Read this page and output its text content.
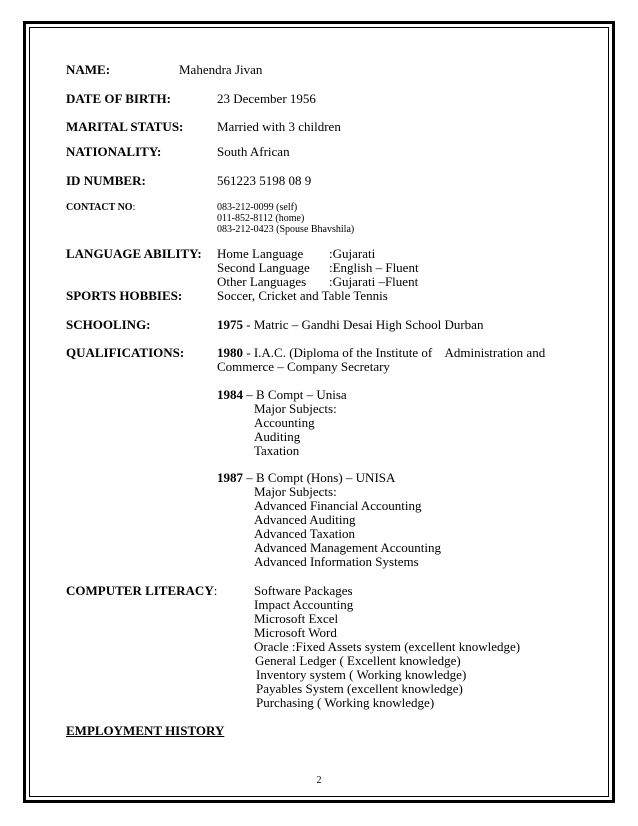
NAME:	Mahendra Jivan
DATE OF BIRTH:	23 December 1956
MARITAL STATUS:	Married with 3 children
NATIONALITY:	South African
ID NUMBER:	561223 5198 08 9
CONTACT NO:	083-212-0099 (self)
011-852-8112 (home)
083-212-0423 (Spouse Bhavshila)
LANGUAGE ABILITY: Home Language :Gujarati
Second Language :English – Fluent
Other Languages :Gujarati –Fluent
SPORTS HOBBIES:	Soccer, Cricket and Table Tennis
SCHOOLING:	1975 - Matric – Gandhi Desai High School Durban
QUALIFICATIONS:	1980 - I.A.C. (Diploma of the Institute of    Administration and
Commerce – Company Secretary
1984 – B Compt – Unisa
Major Subjects:
Accounting
Auditing
Taxation
1987 – B Compt (Hons) – UNISA
Major Subjects:
Advanced Financial Accounting
Advanced Auditing
Advanced Taxation
Advanced Management Accounting
Advanced Information Systems
COMPUTER LITERACY:	Software Packages
Impact Accounting
Microsoft Excel
Microsoft Word
Oracle :Fixed Assets system (excellent knowledge)
General Ledger ( Excellent knowledge)
Inventory system ( Working knowledge)
Payables System (excellent knowledge)
Purchasing ( Working knowledge)
EMPLOYMENT HISTORY
2
